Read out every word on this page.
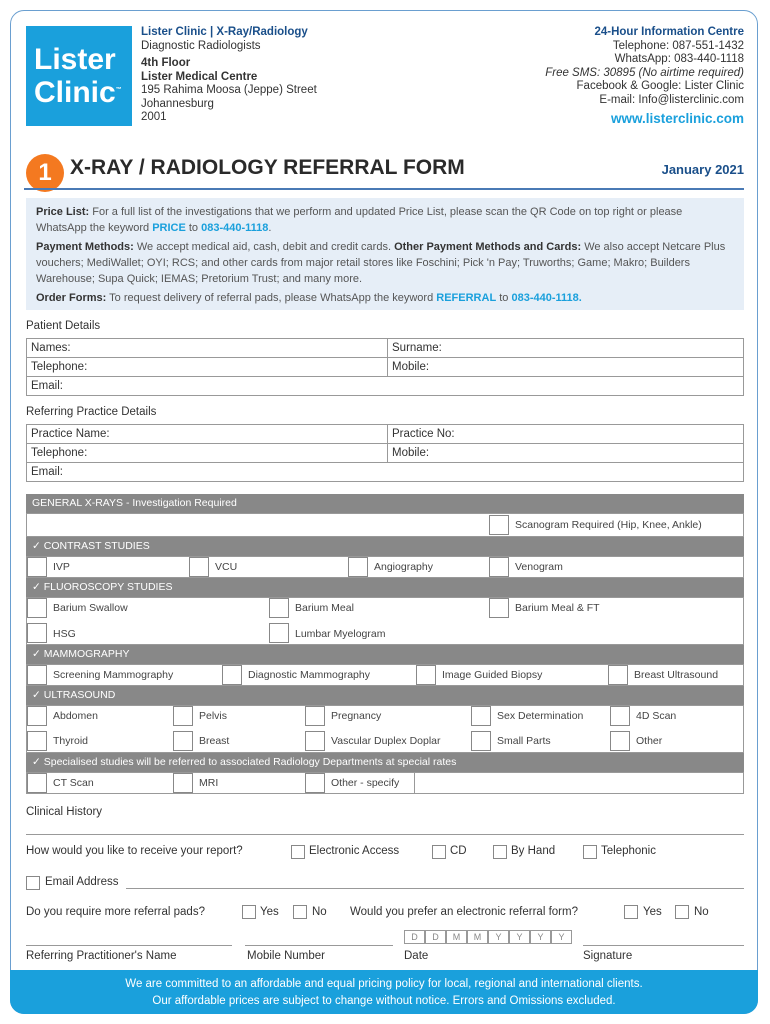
Lister
Clinic™
Lister Clinic | X-Ray/Radiology
Diagnostic Radiologists
4th Floor
Lister Medical Centre
195 Rahima Moosa (Jeppe) Street
Johannesburg
2001
24-Hour Information Centre
Telephone: 087-551-1432
WhatsApp: 083-440-1118
Free SMS: 30895 (No airtime required)
Facebook & Google: Lister Clinic
E-mail: Info@listerclinic.com
www.listerclinic.com
1 X-RAY / RADIOLOGY REFERRAL FORM	January 2021
Price List: For a full list of the investigations that we perform and updated Price List, please scan the QR Code on top right or please WhatsApp the keyword PRICE to 083-440-1118.
Payment Methods: We accept medical aid, cash, debit and credit cards. Other Payment Methods and Cards: We also accept Netcare Plus vouchers; MediWallet; OYI; RCS; and other cards from major retail stores like Foschini; Pick 'n Pay; Truworths; Game; Makro; Builders Warehouse; Supa Quick; IEMAS; Pretorium Trust; and many more.
Order Forms: To request delivery of referral pads, please WhatsApp the keyword REFERRAL to 083-440-1118.
Patient Details
Names:	Surname:
Telephone:	Mobile:
Email:	
Referring Practice Details
Practice Name:	Practice No:
Telephone:	Mobile:
Email:	
GENERAL X-RAYS - Investigation Required
Scanogram Required (Hip, Knee, Ankle)
✓ CONTRAST STUDIES
IVP	VCU	Angiography	Venogram
✓ FLUOROSCOPY STUDIES
Barium Swallow	Barium Meal	Barium Meal & FT
HSG	Lumbar Myelogram
✓ MAMMOGRAPHY
Screening Mammography	Diagnostic Mammography	Image Guided Biopsy	Breast Ultrasound
✓ ULTRASOUND
Abdomen	Pelvis	Pregnancy	Sex Determination	4D Scan
Thyroid	Breast	Vascular Duplex Doplar	Small Parts	Other
✓ Specialised studies will be referred to associated Radiology Departments at special rates
CT Scan	MRI	Other - specify
Clinical History
How would you like to receive your report?	Electronic Access	CD	By Hand	Telephonic
Email Address
Do you require more referral pads?	Yes	No Would you prefer an electronic referral form?	Yes	No
D	D	M	M	Y	Y	Y	Y
Referring Practitioner's Name	Mobile Number	Date	Signature
We are committed to an affordable and equal pricing policy for local, regional and international clients.
Our affordable prices are subject to change without notice. Errors and Omissions excluded.
